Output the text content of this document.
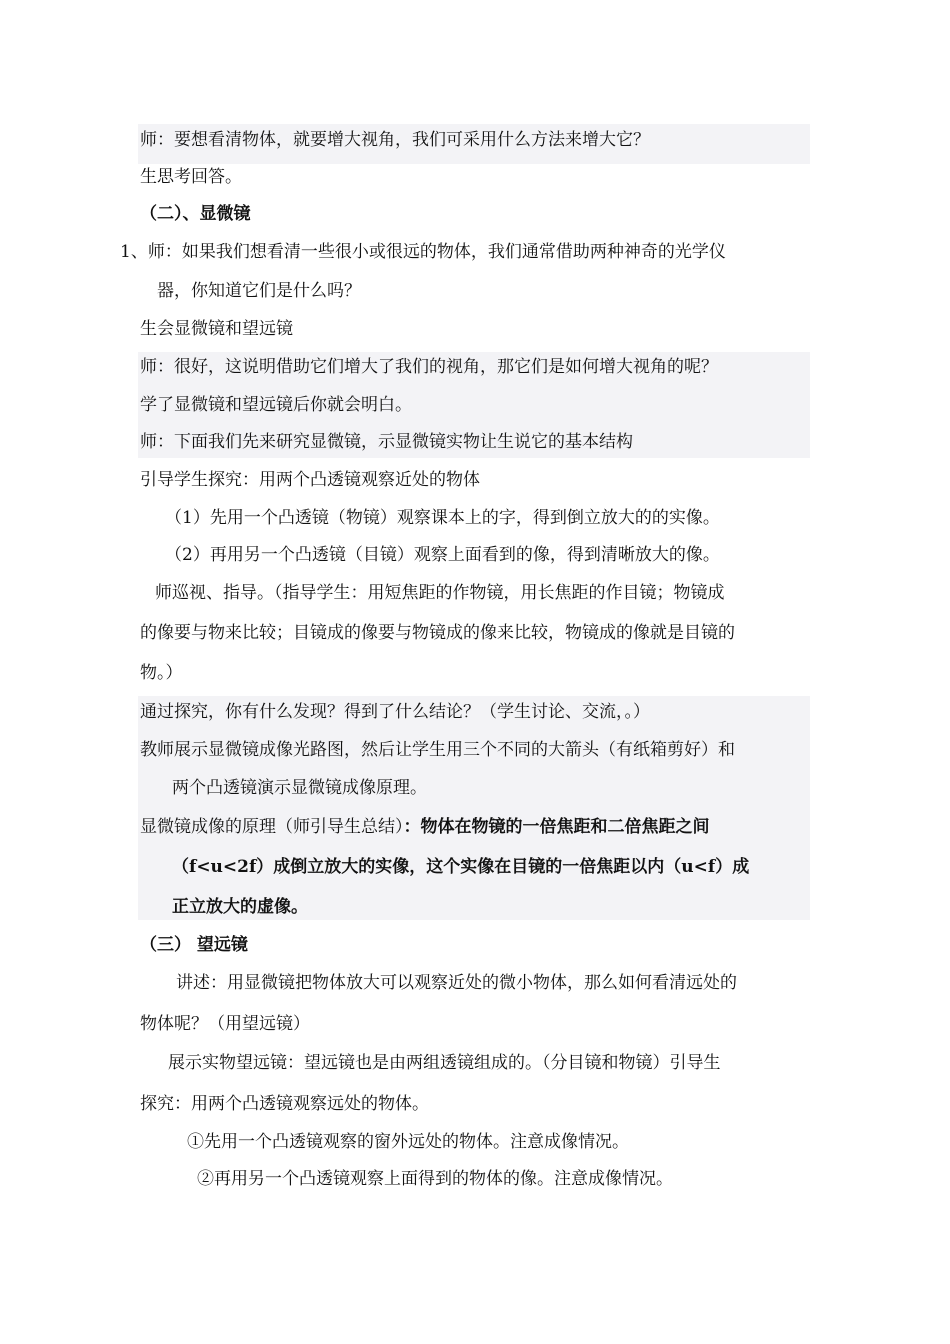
师：要想看清物体，就要增大视角，我们可采用什么方法来增大它？
生思考回答。
（二）、显微镜
1、师：如果我们想看清一些很小或很远的物体，我们通常借助两种神奇的光学仪
器，你知道它们是什么吗？
生会显微镜和望远镜
师：很好，这说明借助它们增大了我们的视角，那它们是如何增大视角的呢？
学了显微镜和望远镜后你就会明白。
师：下面我们先来研究显微镜，示显微镜实物让生说它的基本结构
引导学生探究：用两个凸透镜观察近处的物体
（1）先用一个凸透镜（物镜）观察课本上的字，得到倒立放大的的实像。
（2）再用另一个凸透镜（目镜）观察上面看到的像，得到清晰放大的像。
师巡视、指导。（指导学生：用短焦距的作物镜，用长焦距的作目镜；物镜成
的像要与物来比较；目镜成的像要与物镜成的像来比较，物镜成的像就是目镜的
物。）
通过探究，你有什么发现？得到了什么结论？（学生讨论、交流，。）
教师展示显微镜成像光路图，然后让学生用三个不同的大箭头（有纸箱剪好）和
两个凸透镜演示显微镜成像原理。
显微镜成像的原理（师引导生总结）：物体在物镜的一倍焦距和二倍焦距之间
（f<u<2f）成倒立放大的实像，这个实像在目镜的一倍焦距以内（u<f）成
正立放大的虚像。
（三） 望远镜
讲述：用显微镜把物体放大可以观察近处的微小物体，那么如何看清远处的
物体呢？（用望远镜）
展示实物望远镜：望远镜也是由两组透镜组成的。（分目镜和物镜）引导生
探究：用两个凸透镜观察远处的物体。
①先用一个凸透镜观察的窗外远处的物体。注意成像情况。
②再用另一个凸透镜观察上面得到的物体的像。注意成像情况。
